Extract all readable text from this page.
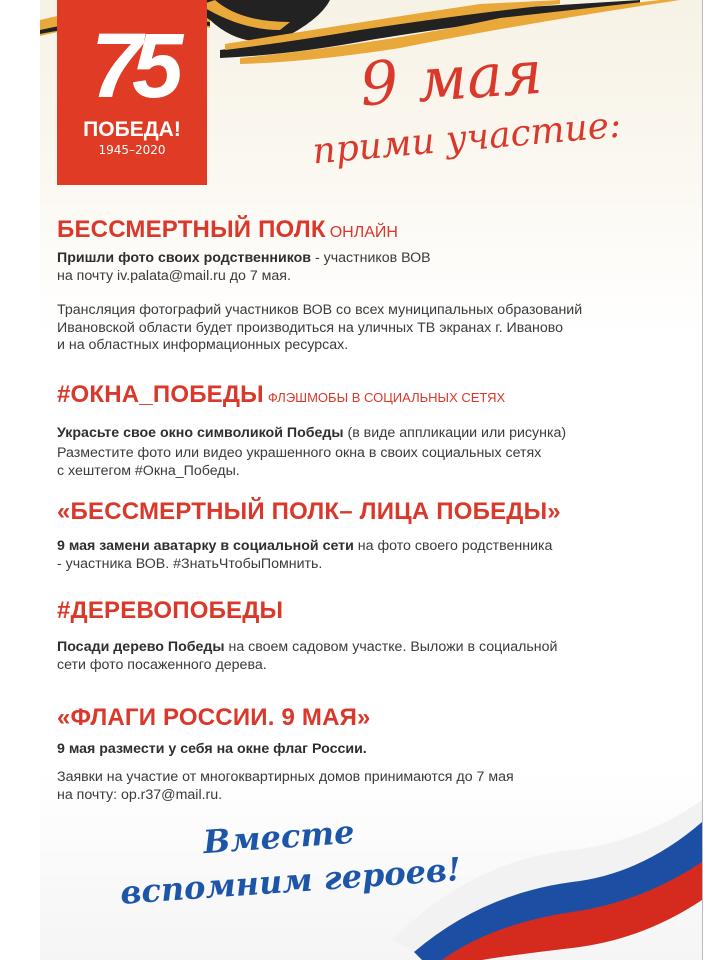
75
ПОБЕДА!
1945–2020
9 мая
прими участие:
БЕССМЕРТНЫЙ ПОЛК ОНЛАЙН
Пришли фото своих родственников - участников ВОВ
на почту iv.palata@mail.ru до 7 мая.
Трансляция фотографий участников ВОВ со всех муниципальных образований
Ивановской области будет производиться на уличных ТВ экранах г. Иваново
и на областных информационных ресурсах.
#ОКНА_ПОБЕДЫ ФЛЭШМОБЫ В СОЦИАЛЬНЫХ СЕТЯХ
Украсьте свое окно символикой Победы (в виде аппликации или рисунка)
Разместите фото или видео украшенного окна в своих социальных сетях
с хештегом #Окна_Победы.
«БЕССМЕРТНЫЙ ПОЛК– ЛИЦА ПОБЕДЫ»
9 мая замени аватарку в социальной сети на фото своего родственника
- участника ВОВ. #ЗнатьЧтобыПомнить.
#ДЕРЕВОПОБЕДЫ
Посади дерево Победы на своем садовом участке. Выложи в социальной
сети фото посаженного дерева.
«ФЛАГИ РОССИИ. 9 МАЯ»
9 мая размести у себя на окне флаг России.
Заявки на участие от многоквартирных домов принимаются до 7 мая
на почту: op.r37@mail.ru.
Вместе
вспомним героев!
